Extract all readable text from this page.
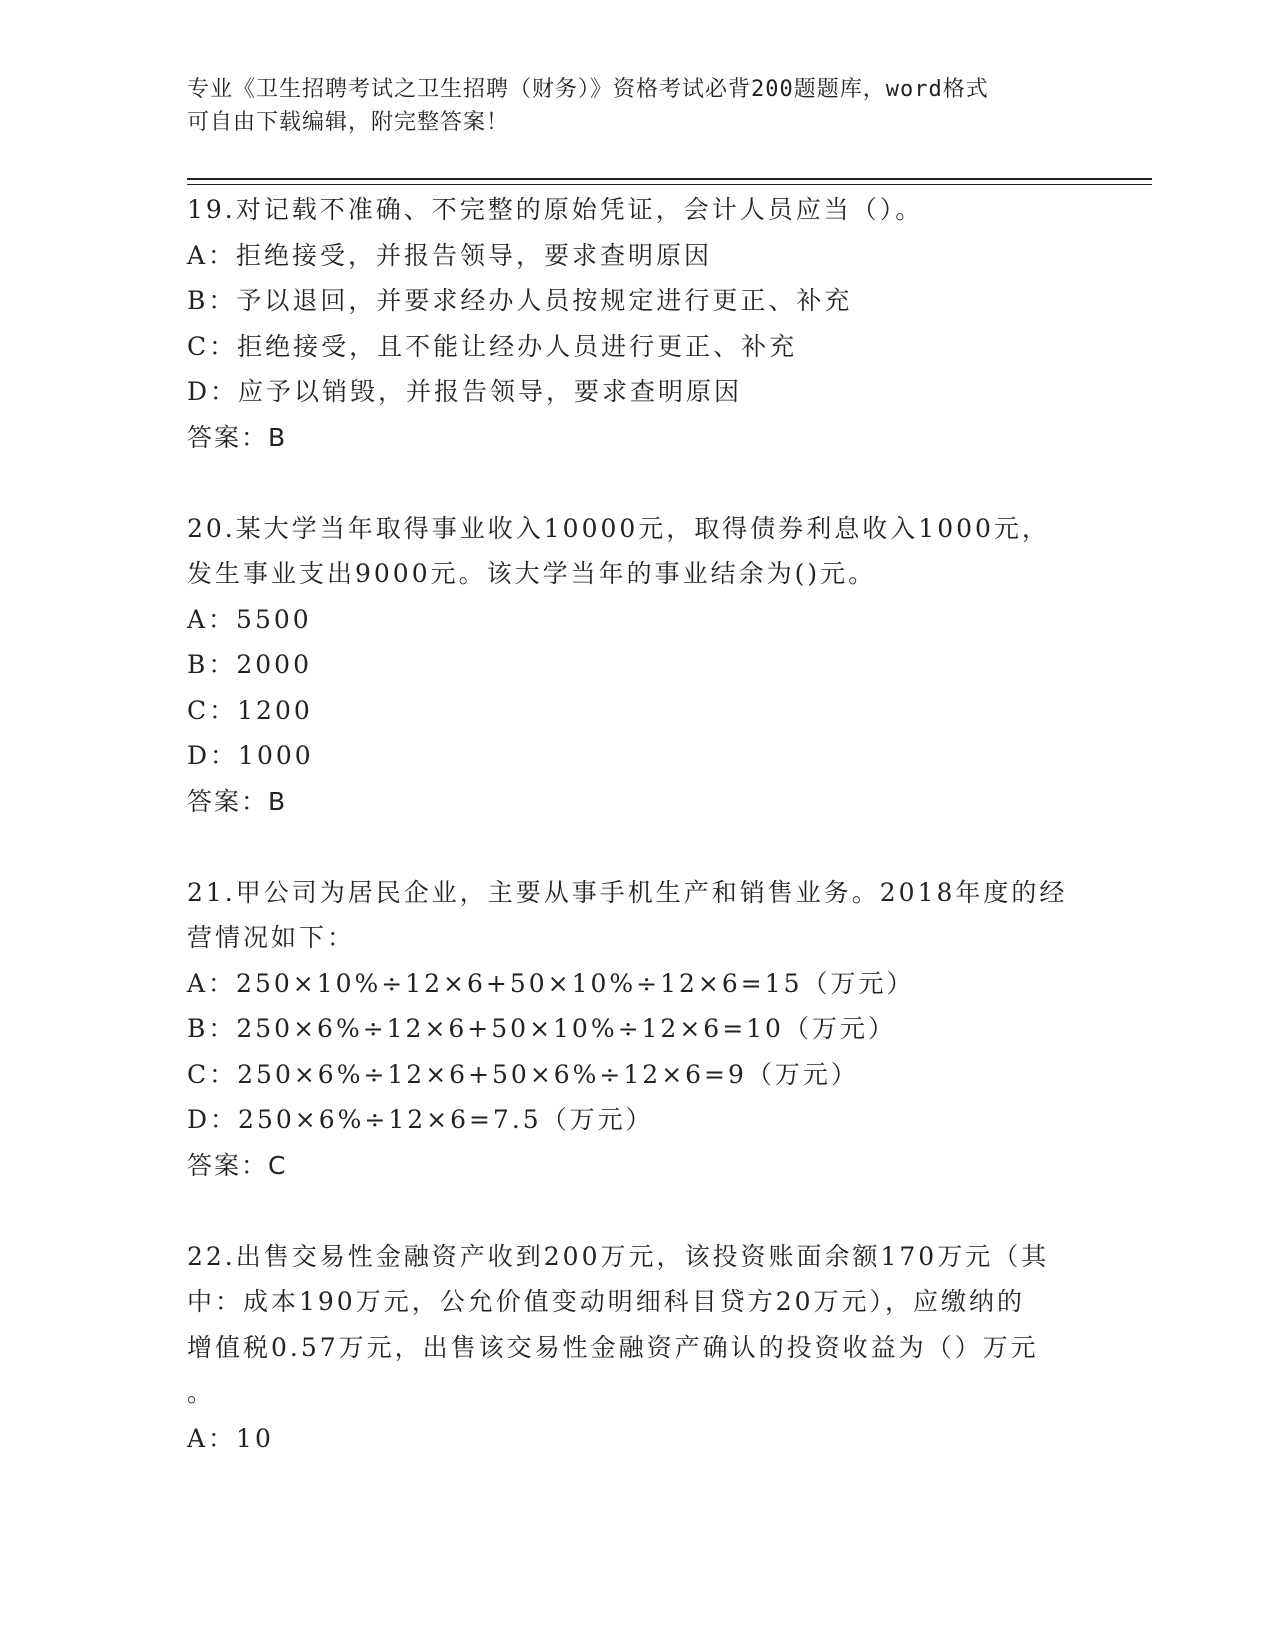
专业《卫生招聘考试之卫生招聘（财务）》资格考试必背200题题库，word格式
可自由下载编辑，附完整答案！
19.对记载不准确、不完整的原始凭证，会计人员应当（）。
A：拒绝接受，并报告领导，要求查明原因
B：予以退回，并要求经办人员按规定进行更正、补充
C：拒绝接受，且不能让经办人员进行更正、补充
D：应予以销毁，并报告领导，要求查明原因
答案：B
20.某大学当年取得事业收入10000元，取得债券利息收入1000元，
发生事业支出9000元。该大学当年的事业结余为()元。
A：5500
B：2000
C：1200
D：1000
答案：B
21.甲公司为居民企业，主要从事手机生产和销售业务。2018年度的经
营情况如下：
A：250×10%÷12×6+50×10%÷12×6=15（万元）
B：250×6%÷12×6+50×10%÷12×6=10（万元）
C：250×6%÷12×6+50×6%÷12×6=9（万元）
D：250×6%÷12×6=7.5（万元）
答案：C
22.出售交易性金融资产收到200万元，该投资账面余额170万元（其
中：成本190万元，公允价值变动明细科目贷方20万元），应缴纳的
增值税0.57万元，出售该交易性金融资产确认的投资收益为（）万元
。
A：10
